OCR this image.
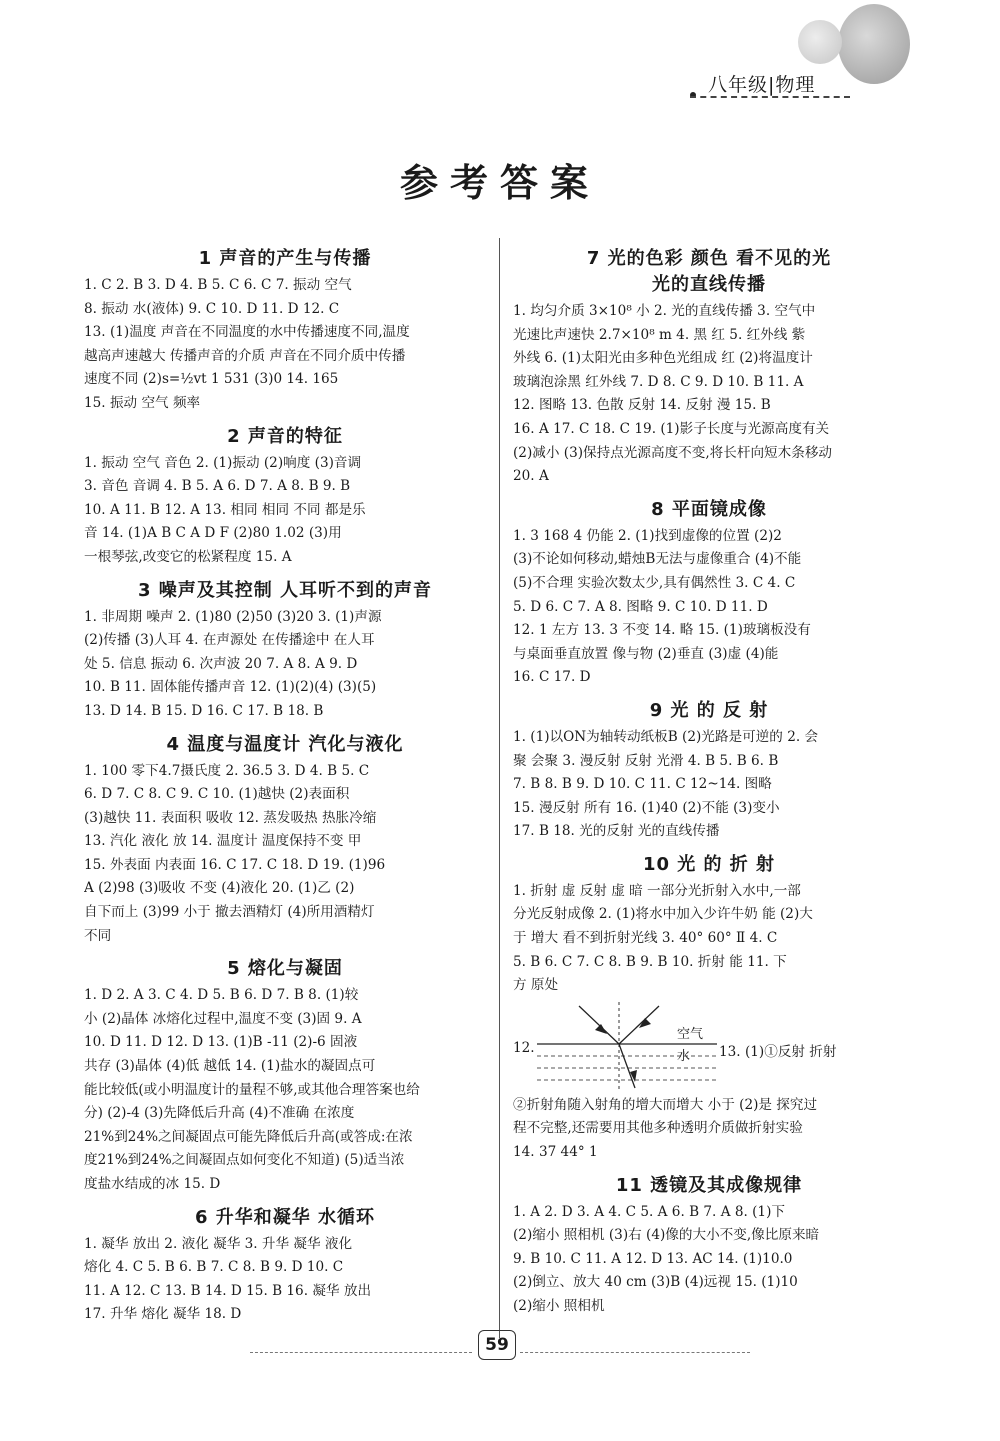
八年级|物理
参考答案
1 声音的产生与传播
1. C 2. B 3. D 4. B 5. C 6. C 7. 振动 空气
8. 振动 水(液体) 9. C 10. D 11. D 12. C
13. (1)温度 声音在不同温度的水中传播速度不同,温度
越高声速越大 传播声音的介质 声音在不同介质中传播
速度不同 (2)s=½vt 1 531 (3)0 14. 165
15. 振动 空气 频率
2 声音的特征
1. 振动 空气 音色 2. (1)振动 (2)响度 (3)音调
3. 音色 音调 4. B 5. A 6. D 7. A 8. B 9. B
10. A 11. B 12. A 13. 相同 相同 不同 都是乐
音 14. (1)A B C A D F (2)80 1.02 (3)用
一根琴弦,改变它的松紧程度 15. A
3 噪声及其控制 人耳听不到的声音
1. 非周期 噪声 2. (1)80 (2)50 (3)20 3. (1)声源
(2)传播 (3)人耳 4. 在声源处 在传播途中 在人耳
处 5. 信息 振动 6. 次声波 20 7. A 8. A 9. D
10. B 11. 固体能传播声音 12. (1)(2)(4) (3)(5)
13. D 14. B 15. D 16. C 17. B 18. B
4 温度与温度计 汽化与液化
1. 100 零下4.7摄氏度 2. 36.5 3. D 4. B 5. C
6. D 7. C 8. C 9. C 10. (1)越快 (2)表面积
(3)越快 11. 表面积 吸收 12. 蒸发吸热 热胀冷缩
13. 汽化 液化 放 14. 温度计 温度保持不变 甲
15. 外表面 内表面 16. C 17. C 18. D 19. (1)96
A (2)98 (3)吸收 不变 (4)液化 20. (1)乙 (2)
自下而上 (3)99 小于 撤去酒精灯 (4)所用酒精灯
不同
5 熔化与凝固
1. D 2. A 3. C 4. D 5. B 6. D 7. B 8. (1)较
小 (2)晶体 冰熔化过程中,温度不变 (3)固 9. A
10. D 11. D 12. D 13. (1)B -11 (2)-6 固液
共存 (3)晶体 (4)低 越低 14. (1)盐水的凝固点可
能比较低(或小明温度计的量程不够,或其他合理答案也给
分) (2)-4 (3)先降低后升高 (4)不准确 在浓度
21%到24%之间凝固点可能先降低后升高(或答成:在浓
度21%到24%之间凝固点如何变化不知道) (5)适当浓
度盐水结成的冰 15. D
6 升华和凝华 水循环
1. 凝华 放出 2. 液化 凝华 3. 升华 凝华 液化
熔化 4. C 5. B 6. B 7. C 8. B 9. D 10. C
11. A 12. C 13. B 14. D 15. B 16. 凝华 放出
17. 升华 熔化 凝华 18. D
7 光的色彩 颜色 看不见的光
光的直线传播
1. 均匀介质 3×10⁸ 小 2. 光的直线传播 3. 空气中
光速比声速快 2.7×10⁸ m 4. 黑 红 5. 红外线 紫
外线 6. (1)太阳光由多种色光组成 红 (2)将温度计
玻璃泡涂黑 红外线 7. D 8. C 9. D 10. B 11. A
12. 图略 13. 色散 反射 14. 反射 漫 15. B
16. A 17. C 18. C 19. (1)影子长度与光源高度有关
(2)减小 (3)保持点光源高度不变,将长杆向短木条移动
20. A
8 平面镜成像
1. 3 168 4 仍能 2. (1)找到虚像的位置 (2)2
(3)不论如何移动,蜡烛B无法与虚像重合 (4)不能
(5)不合理 实验次数太少,具有偶然性 3. C 4. C
5. D 6. C 7. A 8. 图略 9. C 10. D 11. D
12. 1 左方 13. 3 不变 14. 略 15. (1)玻璃板没有
与桌面垂直放置 像与物 (2)垂直 (3)虚 (4)能
16. C 17. D
9 光 的 反 射
1. (1)以ON为轴转动纸板B (2)光路是可逆的 2. 会
聚 会聚 3. 漫反射 反射 光滑 4. B 5. B 6. B
7. B 8. B 9. D 10. C 11. C 12~14. 图略
15. 漫反射 所有 16. (1)40 (2)不能 (3)变小
17. B 18. 光的反射 光的直线传播
10 光 的 折 射
1. 折射 虚 反射 虚 暗 一部分光折射入水中,一部
分光反射成像 2. (1)将水中加入少许牛奶 能 (2)大
于 增大 看不到折射光线 3. 40° 60° Ⅱ 4. C
5. B 6. C 7. C 8. B 9. B 10. 折射 能 11. 下
方 原处
12.
空气
水 13. (1)①反射 折射
②折射角随入射角的增大而增大 小于 (2)是 探究过
程不完整,还需要用其他多种透明介质做折射实验
14. 37 44° 1
11 透镜及其成像规律
1. A 2. D 3. A 4. C 5. A 6. B 7. A 8. (1)下
(2)缩小 照相机 (3)右 (4)像的大小不变,像比原来暗
9. B 10. C 11. A 12. D 13. AC 14. (1)10.0
(2)倒立、放大 40 cm (3)B (4)远视 15. (1)10
(2)缩小 照相机
59
